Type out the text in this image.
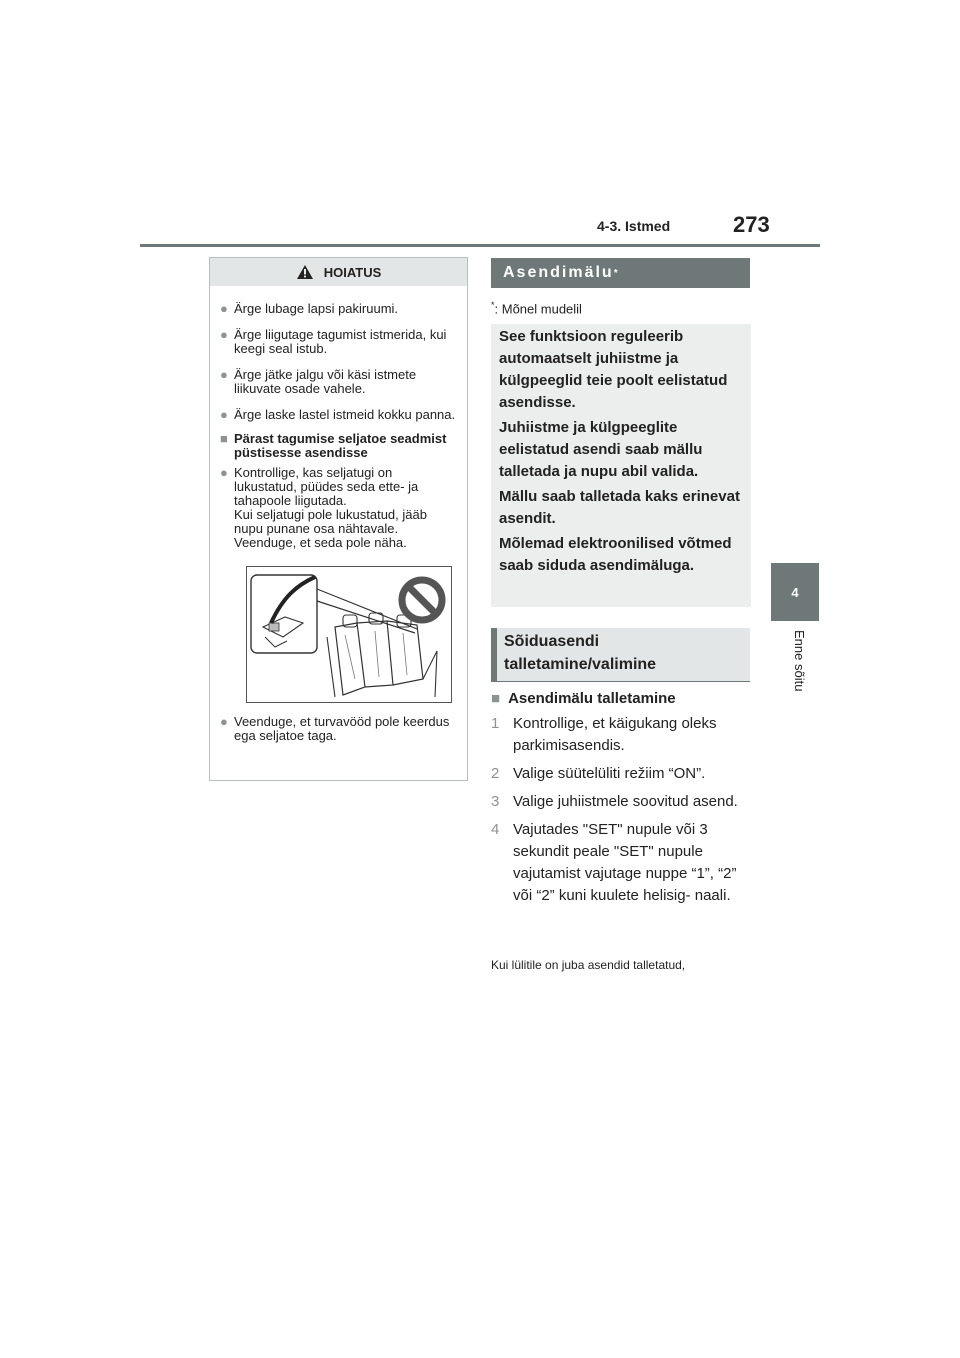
4-3. Istmed	273
4
Enne sõitu
HOIATUS
● Ärge lubage lapsi pakiruumi.
● Ärge liigutage tagumist istmerida, kui keegi seal istub.
● Ärge jätke jalgu või käsi istmete liikuvate osade vahele.
● Ärge laske lastel istmeid kokku panna.
■ Pärast tagumise seljatoe seadmist püstisesse asendisse
● Kontrollige, kas seljatugi on
lukustatud, püüdes seda ette- ja
tahapoole liigutada.
Kui seljatugi pole lukustatud, jääb
nupu punane osa nähtavale.
Veenduge, et seda pole näha.
● Veenduge, et turvavööd pole keerdus ega seljatoe taga.
Asendimälu *
*: Mõnel mudelil

See funktsioon reguleerib automaatselt juhiistme ja külgpeeglid teie poolt eelistatud asendisse.

Juhiistme ja külgpeeglite eelistatud asendi saab mällu talletada ja nupu abil valida.

Mällu saab talletada kaks erinevat asendit.

Mõlemad elektroonilised võtmed saab siduda asendimäluga.

Sõiduasendi talletamine/valimine
■ Asendimälu talletamine
1 Kontrollige, et käigukang oleks parkimisasendis.
2 Valige süütelüliti režiim “ON”.
3 Valige juhiistmele soovitud asend.
4 Vajutades "SET" nupule või 3 sekundit peale "SET" nupule vajutamist vajutage nuppe “1”, “2” või “2” kuni kuulete helisig- naali.
Kui lülitile on juba asendid talletatud,
